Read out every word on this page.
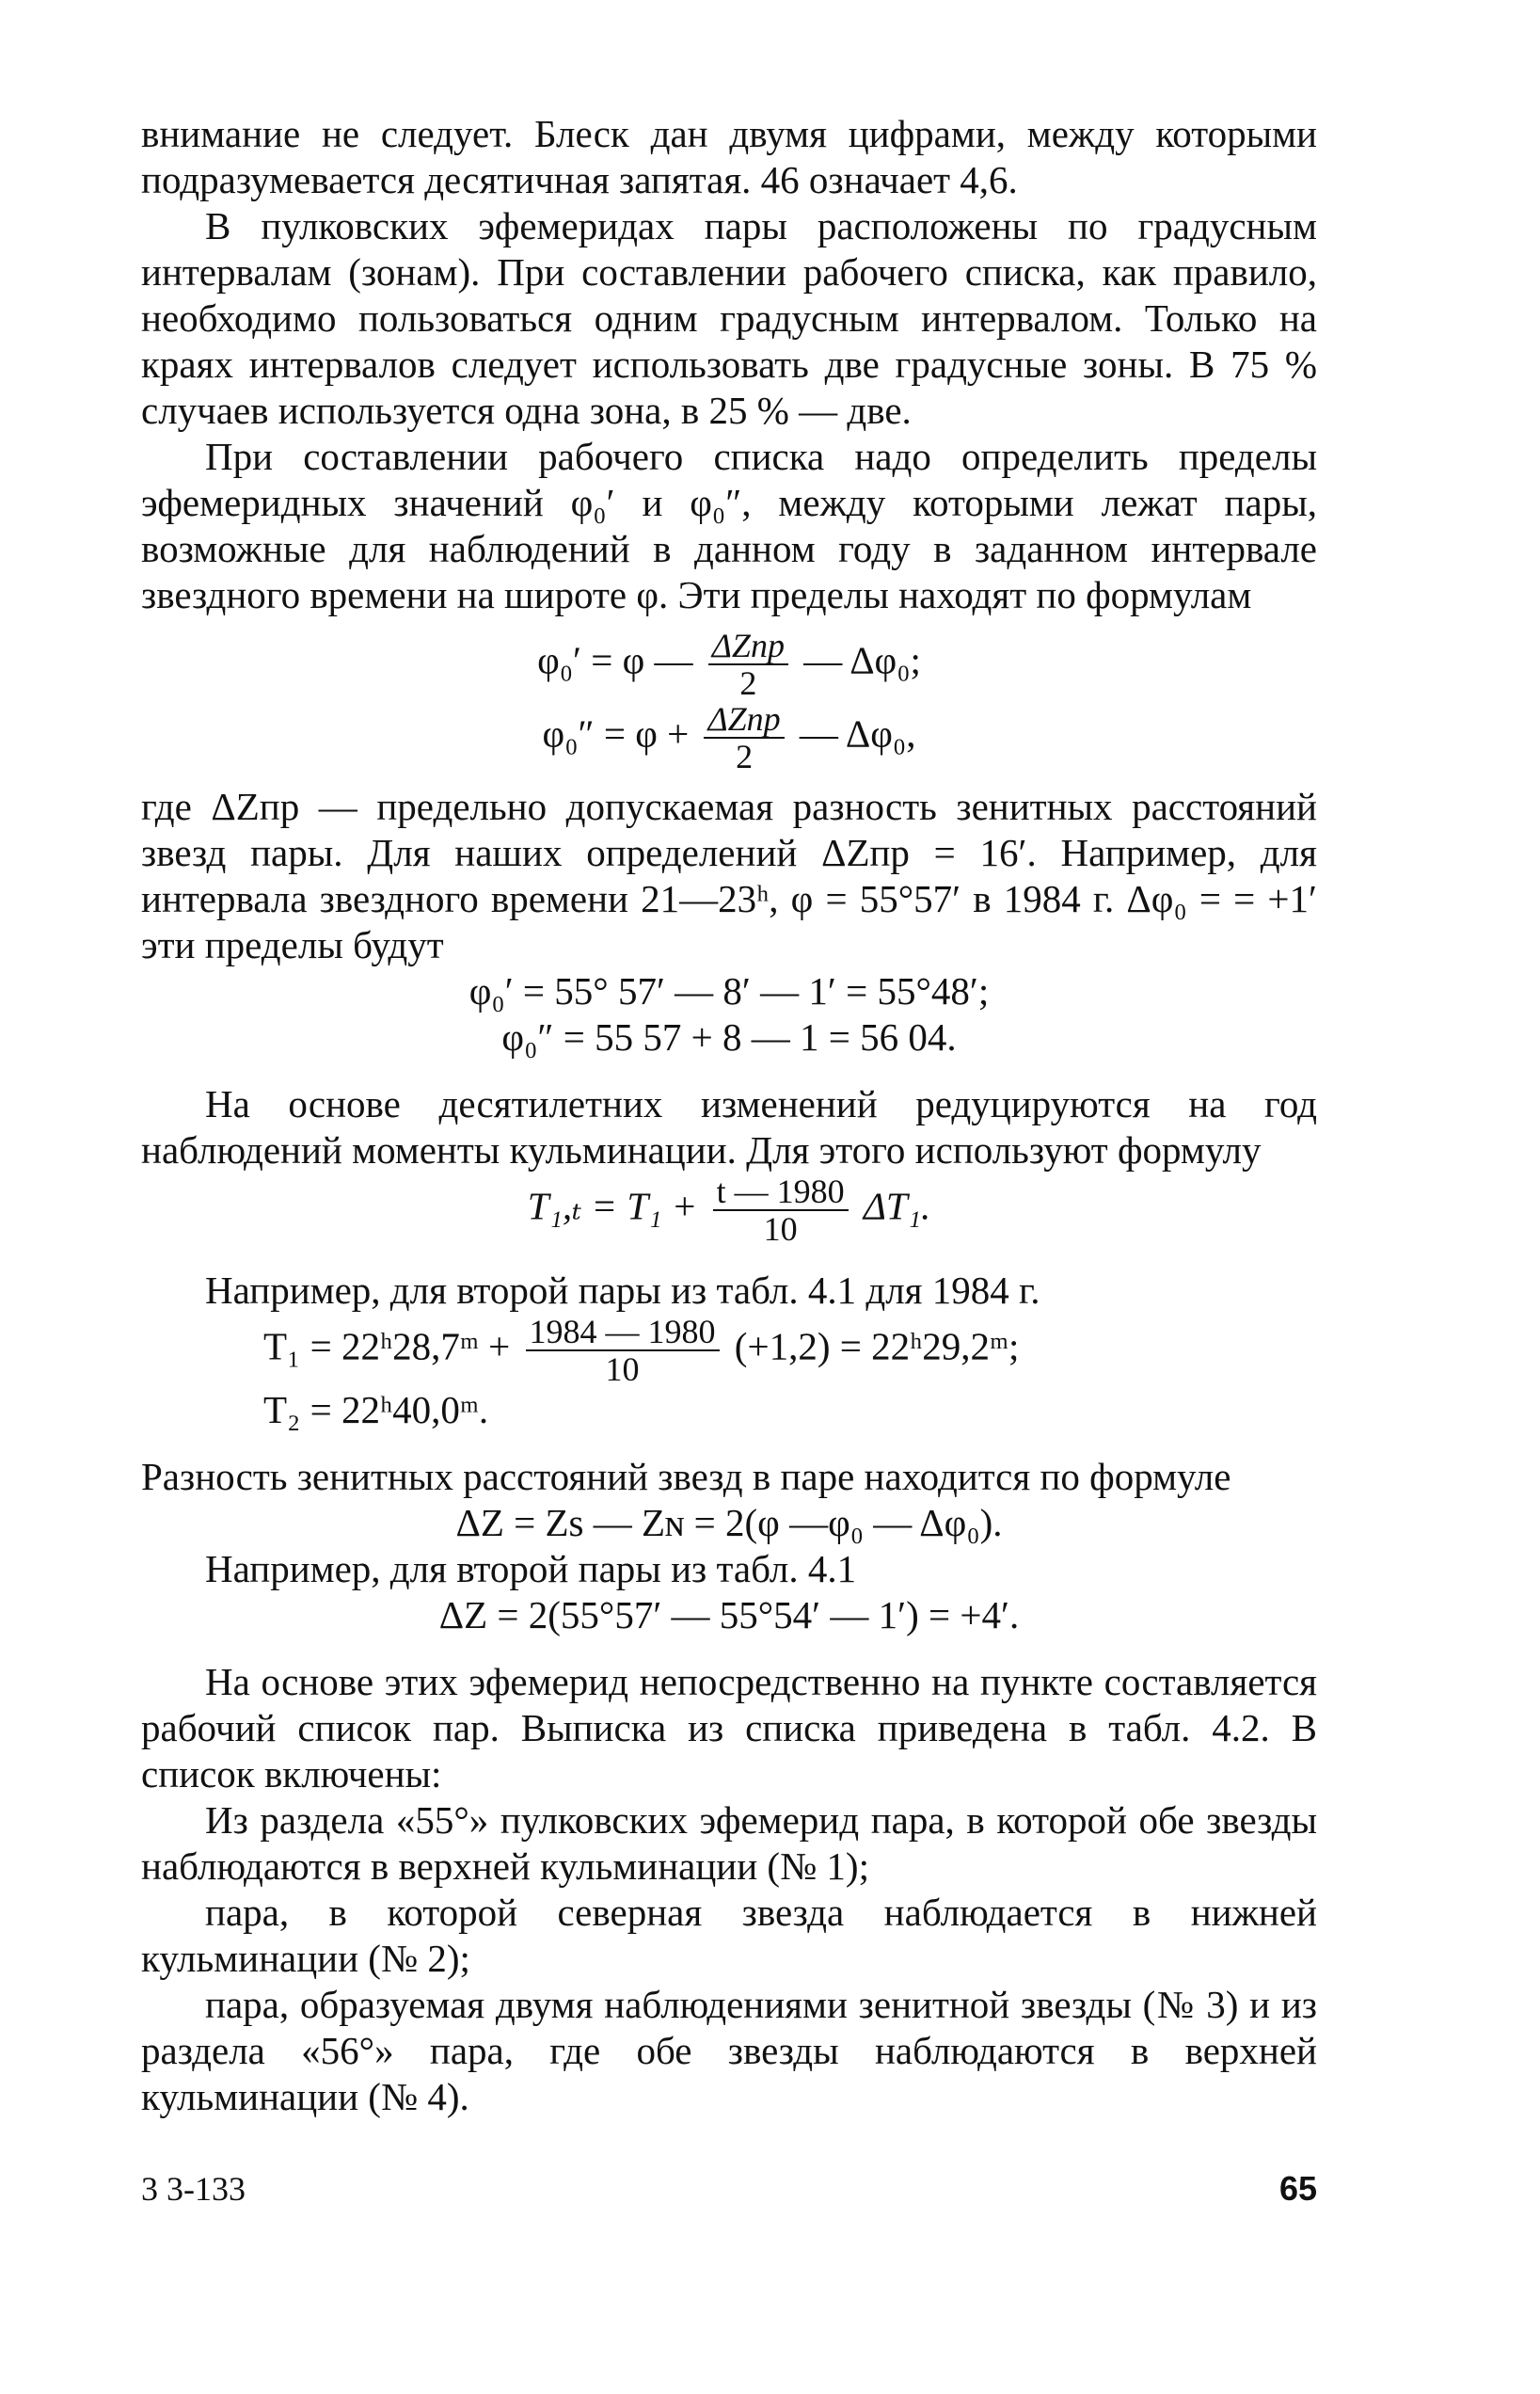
внимание не следует. Блеск дан двумя цифрами, между которыми подразумевается десятичная запятая. 46 означает 4,6.

В пулковских эфемеридах пары расположены по градусным интервалам (зонам). При составлении рабочего списка, как правило, необходимо пользоваться одним градусным интервалом. Только на краях интервалов следует использовать две градусные зоны. В 75 % случаев используется одна зона, в 25 % — две.

При составлении рабочего списка надо определить пределы эфемеридных значений φ₀′ и φ₀″, между которыми лежат пары, возможные для наблюдений в данном году в заданном интервале звездного времени на широте φ. Эти пределы находят по формулам

φ₀′ = φ — $\frac{\text{ΔZпр}}{2}$ — Δφ₀;
$\varphi_0'' = \varphi + \frac{\text{ΔZпр}}{2}$ — Δφ₀,

где ΔZпр — предельно допускаемая разность зенитных расстояний звезд пары. Для наших определений ΔZпр = 16′. Например, для интервала звездного времени 21—23ʰ, φ = 55°57′ в 1984 г. Δφ₀ = = +1′ эти пределы будут

φ₀′ = 55° 57′ — 8′ — 1′ = 55°48′;
φ₀″ = 55 57 + 8 — 1 = 56 04.

На основе десятилетних изменений редуцируются на год наблюдений моменты кульминации. Для этого используют формулу

$T_1,_t = T_1 + \frac{t — 1980}{10} \Delta T_1$.

Например, для второй пары из табл. 4.1 для 1984 г.

T₁ = 22ʰ28,7ᵐ + $\frac{1984 — 1980}{10} (+1,2)$ = 22ʰ29,2ᵐ;
T₂ = 22ʰ40,0ᵐ.

Разность зенитных расстояний звезд в паре находится по формуле

ΔZ = Zs — Zɴ = 2(φ —φ₀ — Δφ₀).

Например, для второй пары из табл. 4.1

ΔZ = 2(55°57′ — 55°54′ — 1′) = +4′.

На основе этих эфемерид непосредственно на пункте составляется рабочий список пар. Выписка из списка приведена в табл. 4.2. В список включены:

Из раздела «55°» пулковских эфемерид пара, в которой обе звезды наблюдаются в верхней кульминации (№ 1);

пара, в которой северная звезда наблюдается в нижней кульминации (№ 2);

пара, образуемая двумя наблюдениями зенитной звезды (№ 3) и из раздела «56°» пара, где обе звезды наблюдаются в верхней кульминации (№ 4).

3 3-133	65
